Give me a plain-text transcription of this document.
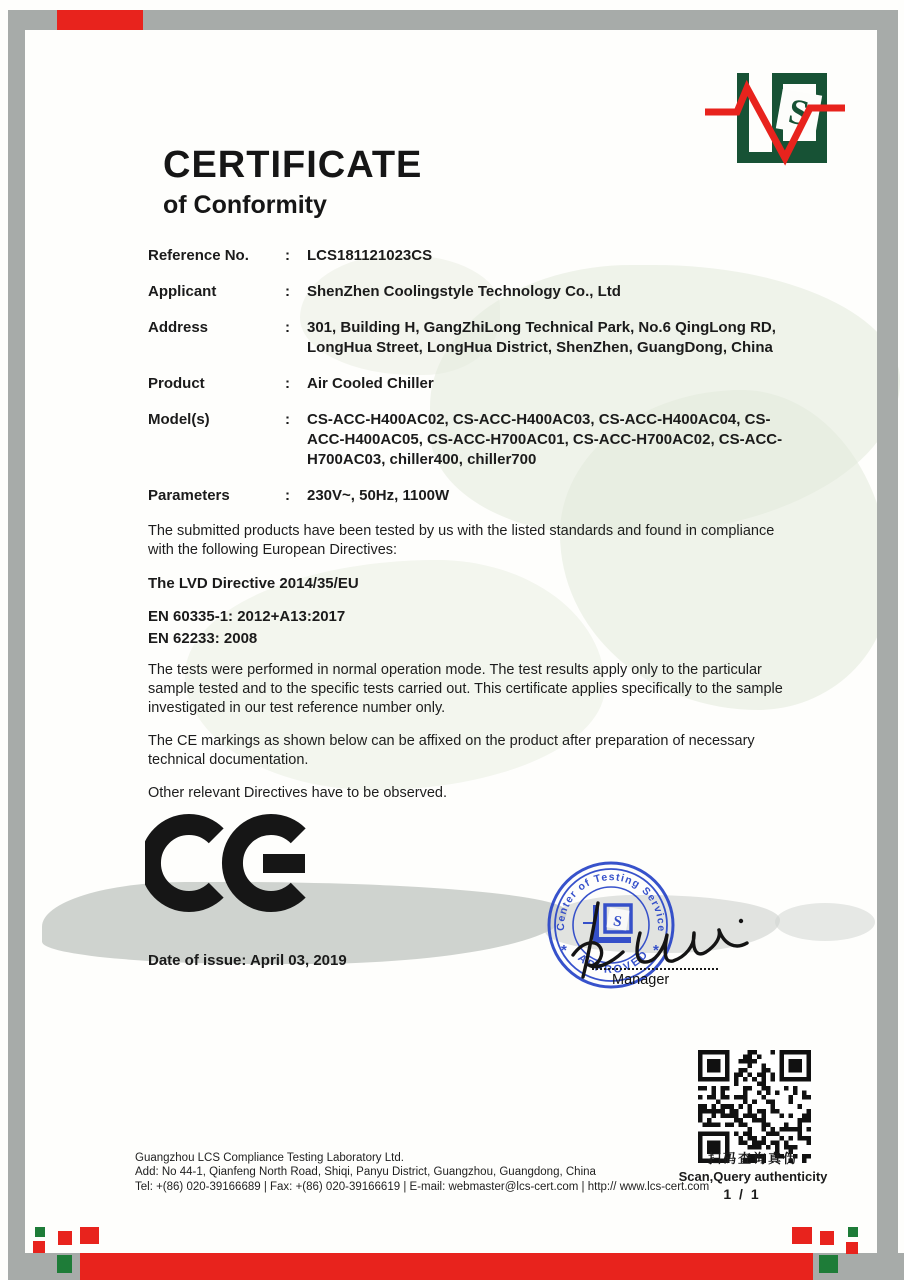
S
CERTIFICATE
of Conformity
Reference No.	:	LCS181121023CS
Applicant	:	ShenZhen Coolingstyle Technology Co., Ltd
Address	:	301, Building H, GangZhiLong Technical Park, No.6 QingLong RD, LongHua Street, LongHua District, ShenZhen, GuangDong, China
Product	:	Air Cooled Chiller
Model(s)	:	CS-ACC-H400AC02, CS-ACC-H400AC03, CS-ACC-H400AC04, CS-ACC-H400AC05, CS-ACC-H700AC01, CS-ACC-H700AC02, CS-ACC-H700AC03, chiller400, chiller700
Parameters	:	230V~, 50Hz, 1100W
The submitted products have been tested by us with the listed standards and found in compliance with the following European Directives:
The LVD Directive 2014/35/EU
EN 60335-1: 2012+A13:2017
EN 62233: 2008
The tests were performed in normal operation mode. The test results apply only to the particular sample tested and to the specific tests carried out. This certificate applies specifically to the sample investigated in our test reference number only.
The CE markings as shown below can be affixed on the product after preparation of necessary technical documentation.
Other relevant Directives have to be observed.
Date of issue: April 03, 2019
Center of Testing Service
APPROVED
*	*
S
Manager
扫码查询真伪
Scan,Query authenticity
1 / 1
Guangzhou LCS Compliance Testing Laboratory Ltd.
Add: No 44-1, Qianfeng North Road, Shiqi, Panyu District, Guangzhou, Guangdong, China
Tel: +(86) 020-39166689 | Fax: +(86) 020-39166619 | E-mail: webmaster@lcs-cert.com | http:// www.lcs-cert.com
